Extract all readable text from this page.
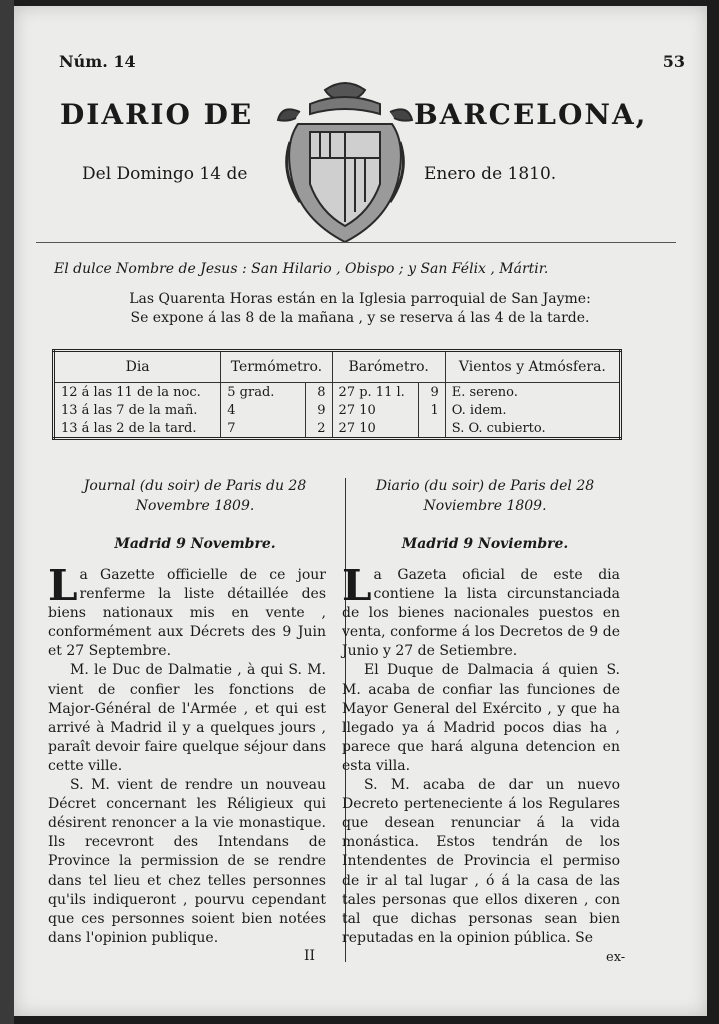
Núm. 14	53
DIARIO DE	BARCELONA,
Del Domingo 14 de	Enero de 1810.
El dulce Nombre de Jesus : San Hilario , Obispo ; y San Félix , Mártir.
Las Quarenta Horas están en la Iglesia parroquial de San Jayme:
Se expone á las 8 de la mañana , y se reserva á las 4 de la tarde.
Dia	Termómetro.		Barómetro.		Vientos y Atmósfera.
12 á las 11 de la noc.	5 grad.	8	27 p. 11 l.	9	E. sereno.
13 á las 7 de la mañ.	4	9	27 10	1	O. idem.
13 á las 2 de la tard.	7	2	27 10		S. O. cubierto.
Journal (du soir) de Paris du 28
Novembre 1809.
Madrid 9 Novembre.

La Gazette officielle de ce jour renferme la liste détaillée des biens nationaux mis en vente , conformément aux Décrets des 9 Juin et 27 Septembre.

M. le Duc de Dalmatie , à qui S. M. vient de confier les fonctions de Major-Général de l'Armée , et qui est arrivé à Madrid il y a quelques jours , paraît devoir faire quelque séjour dans cette ville.

S. M. vient de rendre un nouveau Décret concernant les Réligieux qui désirent renoncer a la vie monastique. Ils recevront des Intendans de Province la permission de se rendre dans tel lieu et chez telles personnes qu'ils indiqueront , pourvu cependant que ces personnes soient bien notées dans l'opinion publique.

Diario (du soir) de Paris del 28
Noviembre 1809.
Madrid 9 Noviembre.

La Gazeta oficial de este dia contiene la lista circunstanciada de los bienes nacionales puestos en venta, conforme á los Decretos de 9 de Junio y 27 de Setiembre.

El Duque de Dalmacia á quien S. M. acaba de confiar las funciones de Mayor General del Exército , y que ha llegado ya á Madrid pocos dias ha , parece que hará alguna detencion en esta villa.

S. M. acaba de dar un nuevo Decreto perteneciente á los Regulares que desean renunciar á la vida monástica. Estos tendrán de los Intendentes de Provincia el permiso de ir al tal lugar , ó á la casa de las tales personas que ellos dixeren , con tal que dichas personas sean bien reputadas en la opinion pública. Se

II	ex-
